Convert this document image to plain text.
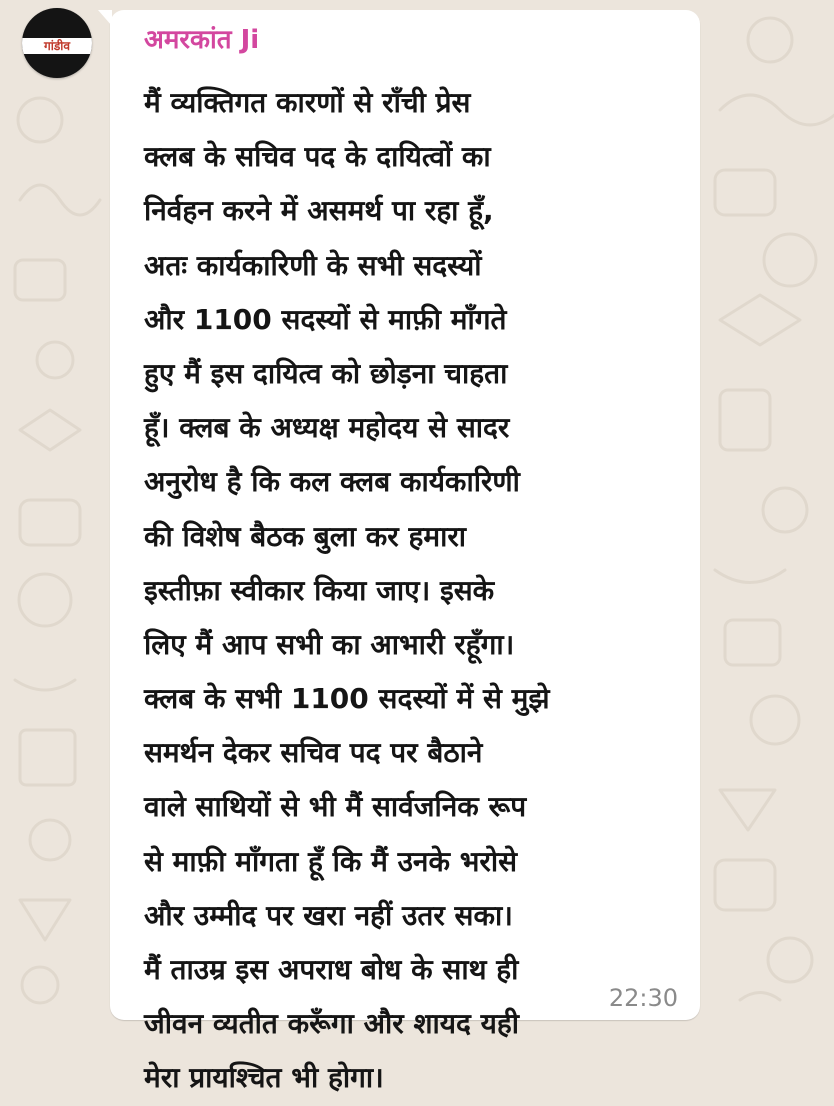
गांडीव	अमरकांत Ji
मैं व्यक्तिगत कारणों से राँची प्रेस
क्लब के सचिव पद के दायित्वों का
निर्वहन करने में असमर्थ पा रहा हूँ,
अतः कार्यकारिणी के सभी सदस्यों
और 1100 सदस्यों से माफ़ी माँगते
हुए मैं इस दायित्व को छोड़ना चाहता
हूँ। क्लब के अध्यक्ष महोदय से सादर
अनुरोध है कि कल क्लब कार्यकारिणी
की विशेष बैठक बुला कर हमारा
इस्तीफ़ा स्वीकार किया जाए। इसके
लिए मैं आप सभी का आभारी रहूँगा।
क्लब के सभी 1100 सदस्यों में से मुझे
समर्थन देकर सचिव पद पर बैठाने
वाले साथियों से भी मैं सार्वजनिक रूप
से माफ़ी माँगता हूँ कि मैं उनके भरोसे
और उम्मीद पर खरा नहीं उतर सका।
मैं ताउम्र इस अपराध बोध के साथ ही
जीवन व्यतीत करूँगा और शायद यही
मेरा प्रायश्चित भी होगा।
22:30
